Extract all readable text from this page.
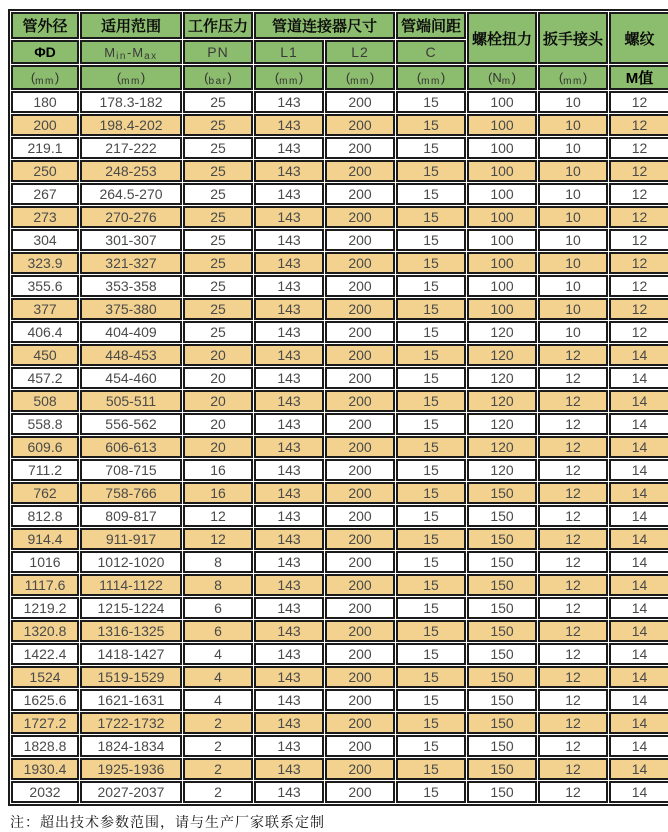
管外径	适用范围	工作压力	管道连接器尺寸		管端间距	螺栓扭力	扳手接头	螺纹
ΦD	Min-Max	PN	L1	L2	C			
(mm)	(mm)	(bar)	(mm)	(mm)	(mm)	(Nm)	(mm)	M值
180	178.3-182	25	143	200	15	100	10	12
200	198.4-202	25	143	200	15	100	10	12
219.1	217-222	25	143	200	15	100	10	12
250	248-253	25	143	200	15	100	10	12
267	264.5-270	25	143	200	15	100	10	12
273	270-276	25	143	200	15	100	10	12
304	301-307	25	143	200	15	100	10	12
323.9	321-327	25	143	200	15	100	10	12
355.6	353-358	25	143	200	15	100	10	12
377	375-380	25	143	200	15	100	10	12
406.4	404-409	25	143	200	15	120	10	12
450	448-453	20	143	200	15	120	12	14
457.2	454-460	20	143	200	15	120	12	14
508	505-511	20	143	200	15	120	12	14
558.8	556-562	20	143	200	15	120	12	14
609.6	606-613	20	143	200	15	120	12	14
711.2	708-715	16	143	200	15	120	12	14
762	758-766	16	143	200	15	150	12	14
812.8	809-817	12	143	200	15	150	12	14
914.4	911-917	12	143	200	15	150	12	14
1016	1012-1020	8	143	200	15	150	12	14
1117.6	1114-1122	8	143	200	15	150	12	14
1219.2	1215-1224	6	143	200	15	150	12	14
1320.8	1316-1325	6	143	200	15	150	12	14
1422.4	1418-1427	4	143	200	15	150	12	14
1524	1519-1529	4	143	200	15	150	12	14
1625.6	1621-1631	4	143	200	15	150	12	14
1727.2	1722-1732	2	143	200	15	150	12	14
1828.8	1824-1834	2	143	200	15	150	12	14
1930.4	1925-1936	2	143	200	15	150	12	14
2032	2027-2037	2	143	200	15	150	12	14
注：超出技术参数范围，请与生产厂家联系定制
